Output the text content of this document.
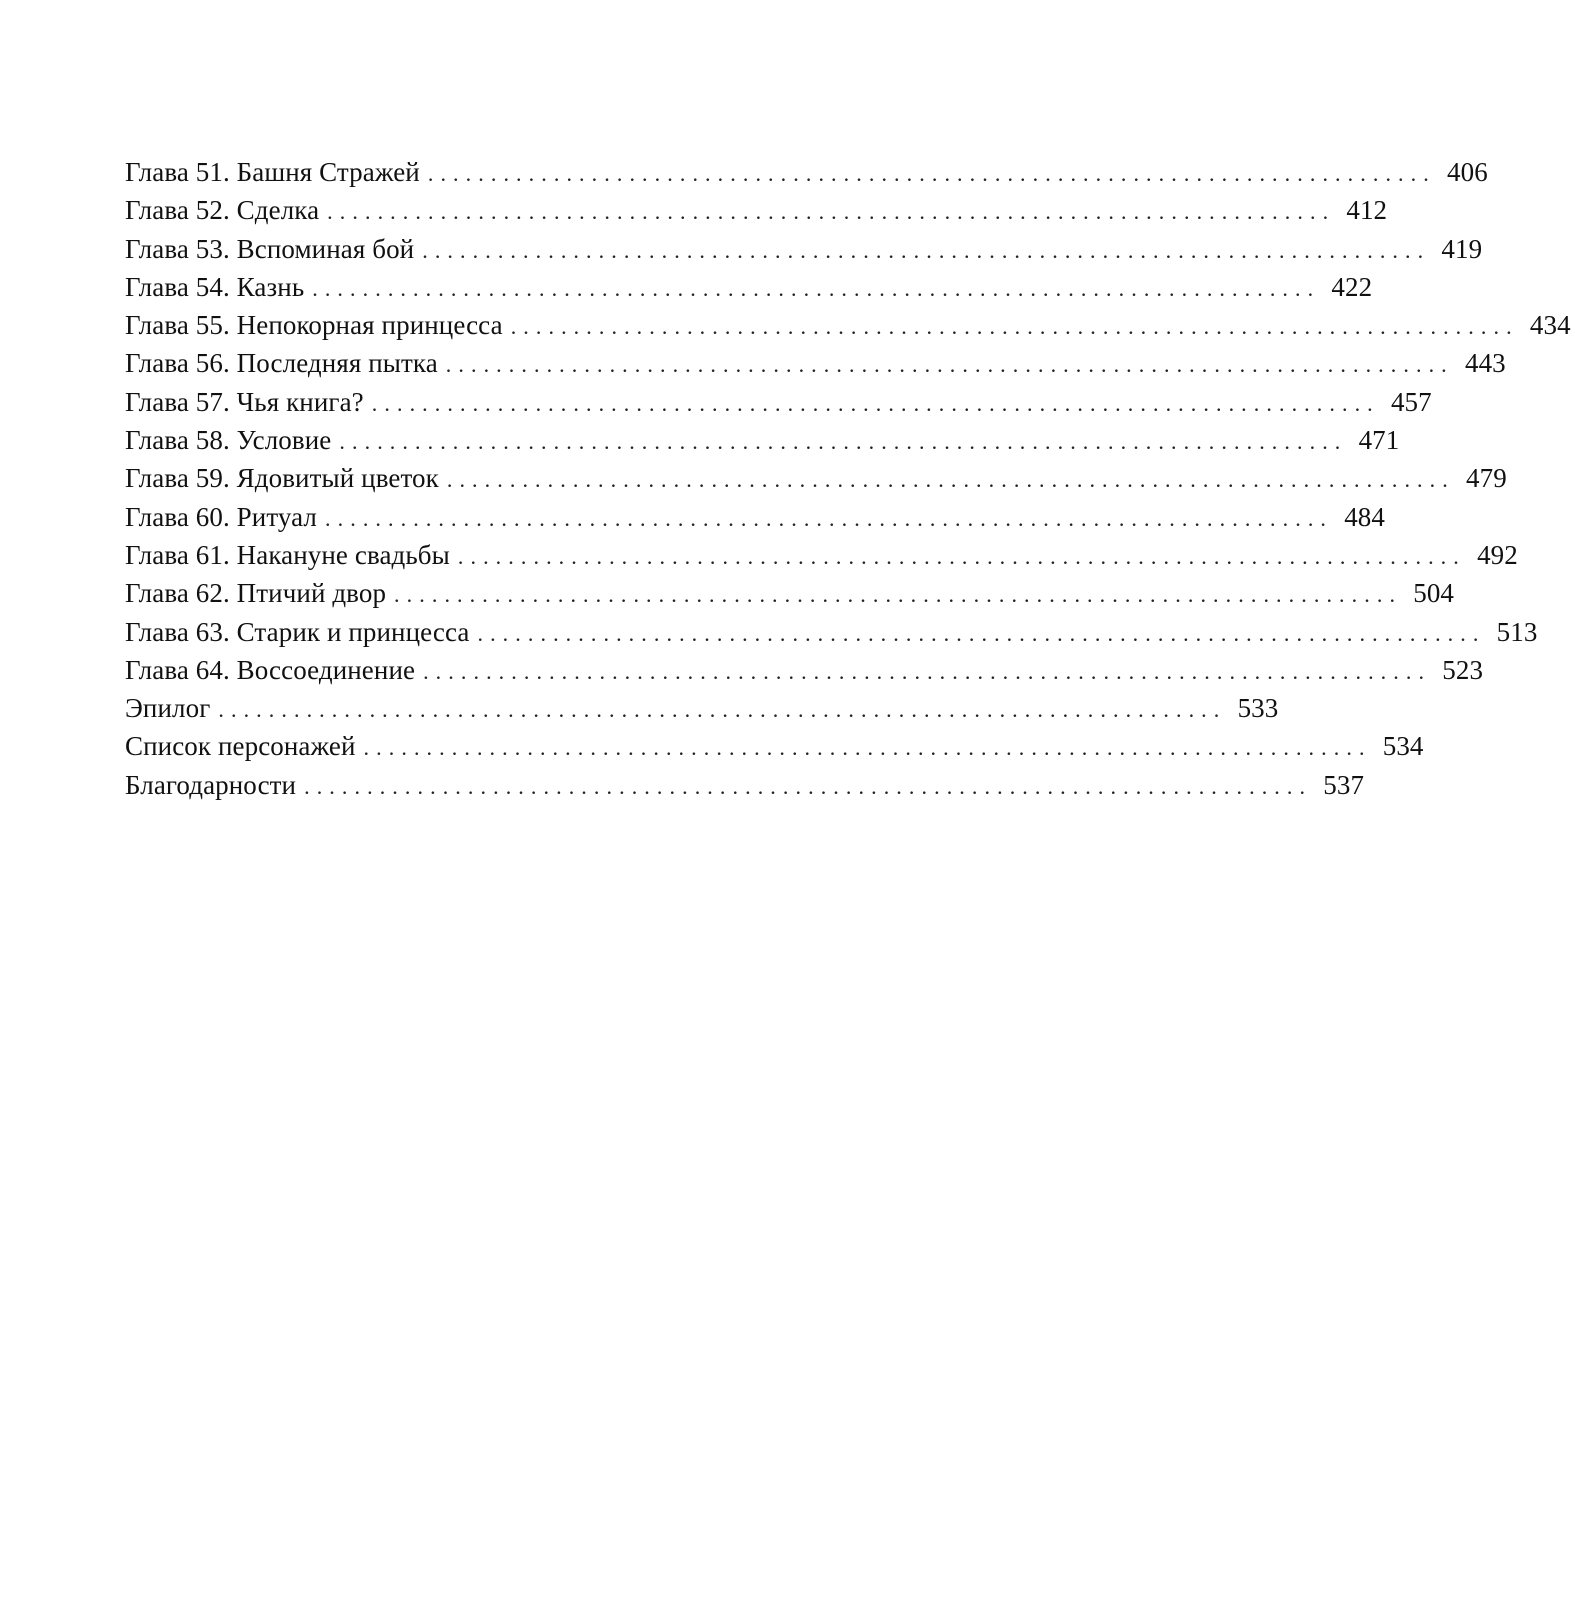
Глава 51. Башня Стражей ................................................................................ 406
Глава 52. Сделка ................................................................................ 412
Глава 53. Вспоминая бой ................................................................................ 419
Глава 54. Казнь ................................................................................ 422
Глава 55. Непокорная принцесса ................................................................................ 434
Глава 56. Последняя пытка ................................................................................ 443
Глава 57. Чья книга? ................................................................................ 457
Глава 58. Условие ................................................................................ 471
Глава 59. Ядовитый цветок ................................................................................ 479
Глава 60. Ритуал ................................................................................ 484
Глава 61. Накануне свадьбы ................................................................................ 492
Глава 62. Птичий двор ................................................................................ 504
Глава 63. Старик и принцесса ................................................................................ 513
Глава 64. Воссоединение ................................................................................ 523
Эпилог ................................................................................ 533
Список персонажей ................................................................................ 534
Благодарности ................................................................................ 537
